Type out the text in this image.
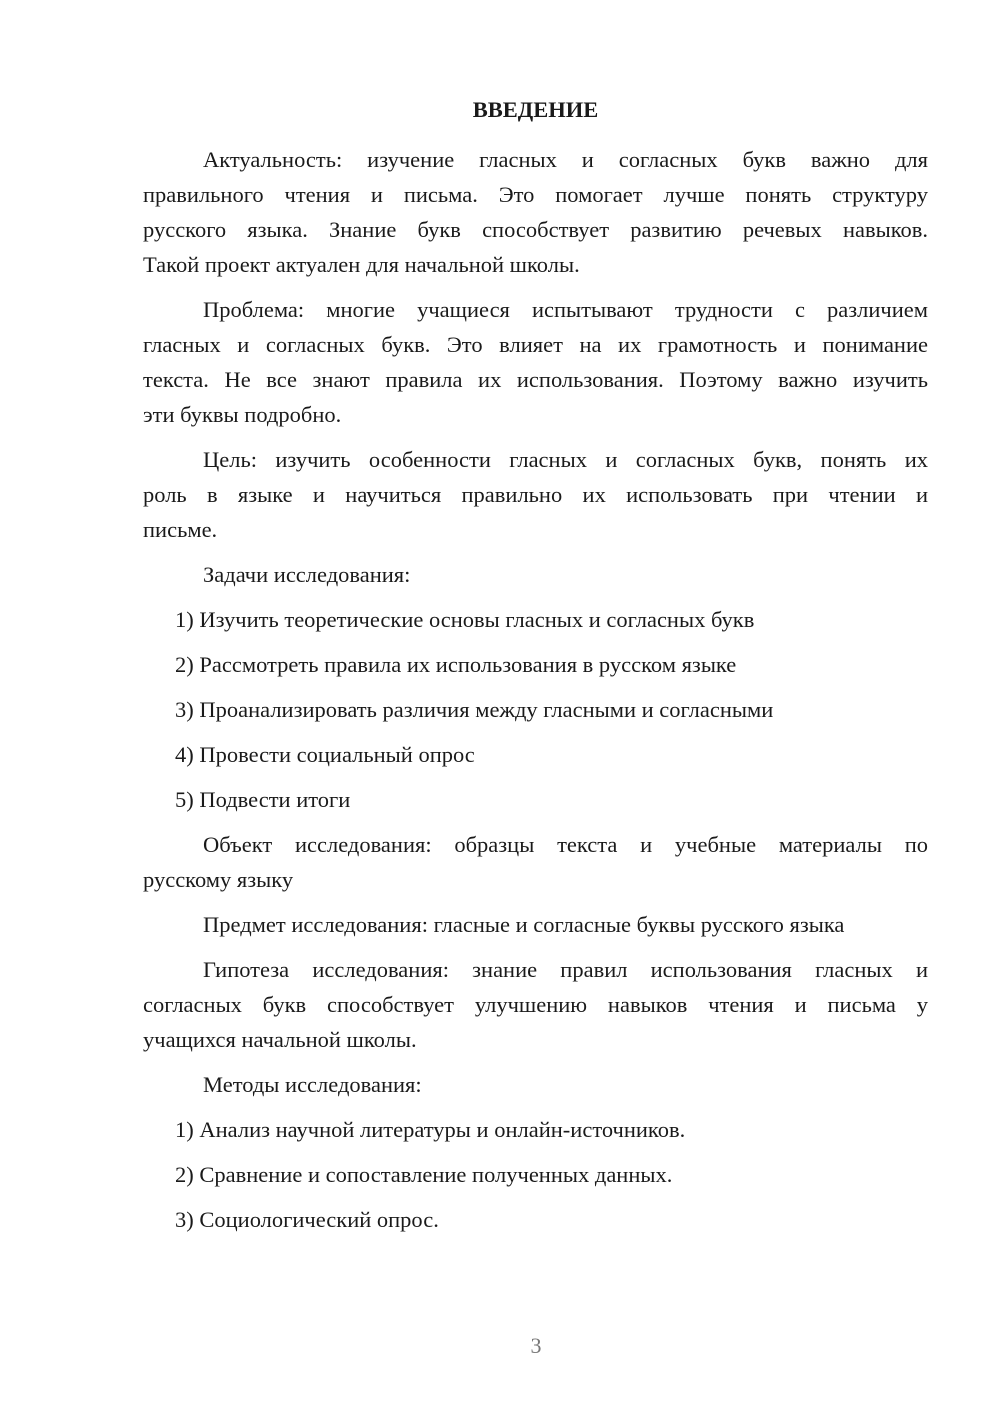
ВВЕДЕНИЕ
Актуальность: изучение гласных и согласных букв важно для
правильного чтения и письма. Это помогает лучше понять структуру
русского языка. Знание букв способствует развитию речевых навыков.
Такой проект актуален для начальной школы.
Проблема: многие учащиеся испытывают трудности с различием
гласных и согласных букв. Это влияет на их грамотность и понимание
текста. Не все знают правила их использования. Поэтому важно изучить
эти буквы подробно.
Цель: изучить особенности гласных и согласных букв, понять их
роль в языке и научиться правильно их использовать при чтении и
письме.
Задачи исследования:
1) Изучить теоретические основы гласных и согласных букв
2) Рассмотреть правила их использования в русском языке
3) Проанализировать различия между гласными и согласными
4) Провести социальный опрос
5) Подвести итоги
Объект исследования: образцы текста и учебные материалы по
русскому языку
Предмет исследования: гласные и согласные буквы русского языка
Гипотеза исследования: знание правил использования гласных и
согласных букв способствует улучшению навыков чтения и письма у
учащихся начальной школы.
Методы исследования:
1) Анализ научной литературы и онлайн-источников.
2) Сравнение и сопоставление полученных данных.
3) Социологический опрос.
3
